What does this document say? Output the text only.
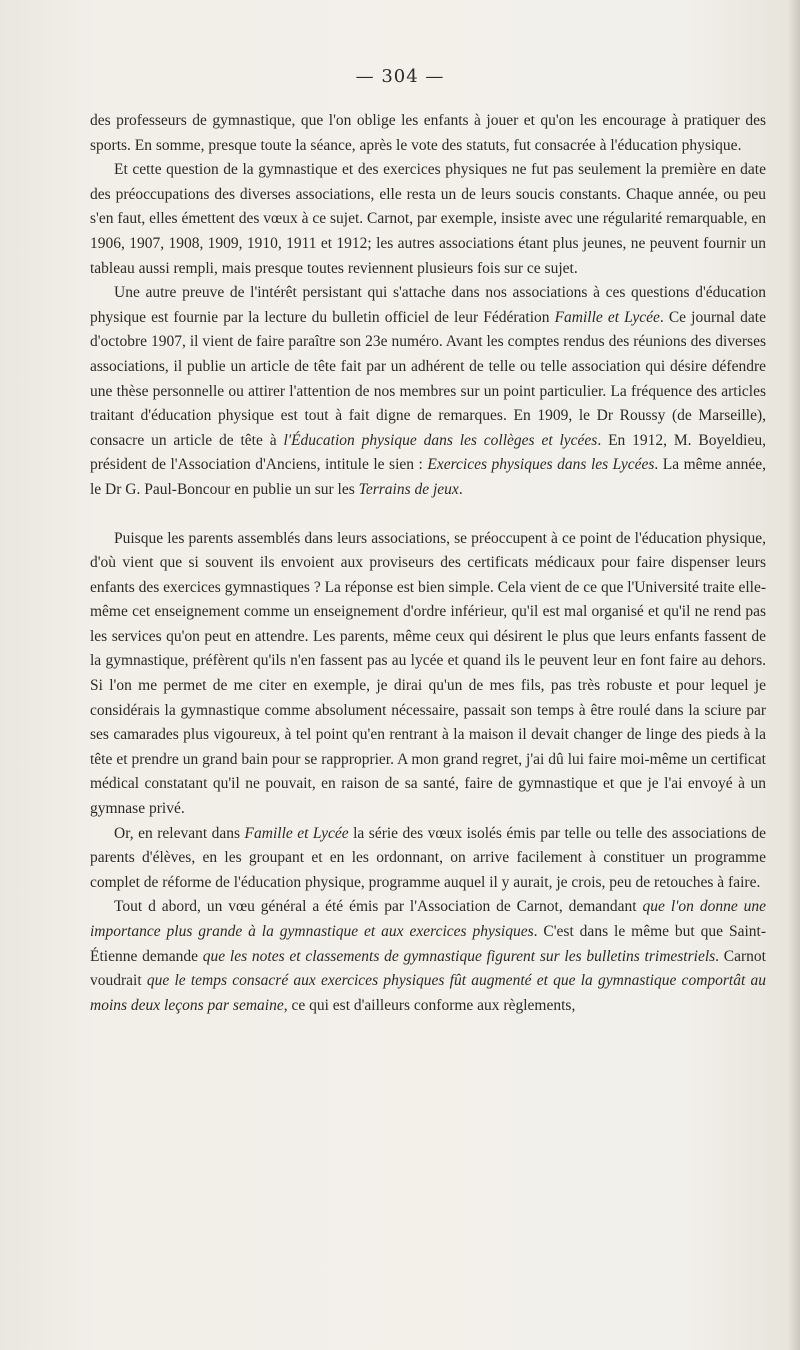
— 304 —

des professeurs de gymnastique, que l'on oblige les enfants à jouer et qu'on les encourage à pratiquer des sports. En somme, presque toute la séance, après le vote des statuts, fut consacrée à l'éducation physique.

Et cette question de la gymnastique et des exercices physiques ne fut pas seulement la première en date des préoccupations des diverses associations, elle resta un de leurs soucis constants. Chaque année, ou peu s'en faut, elles émettent des vœux à ce sujet. Carnot, par exemple, insiste avec une régularité remarquable, en 1906, 1907, 1908, 1909, 1910, 1911 et 1912; les autres associations étant plus jeunes, ne peuvent fournir un tableau aussi rempli, mais presque toutes reviennent plusieurs fois sur ce sujet.

Une autre preuve de l'intérêt persistant qui s'attache dans nos associations à ces questions d'éducation physique est fournie par la lecture du bulletin officiel de leur Fédération Famille et Lycée. Ce journal date d'octobre 1907, il vient de faire paraître son 23e numéro. Avant les comptes rendus des réunions des diverses associations, il publie un article de tête fait par un adhérent de telle ou telle association qui désire défendre une thèse personnelle ou attirer l'attention de nos membres sur un point particulier. La fréquence des articles traitant d'éducation physique est tout à fait digne de remarques. En 1909, le Dr Roussy (de Marseille), consacre un article de tête à l'Éducation physique dans les collèges et lycées. En 1912, M. Boyeldieu, président de l'Association d'Anciens, intitule le sien : Exercices physiques dans les Lycées. La même année, le Dr G. Paul-Boncour en publie un sur les Terrains de jeux.

Puisque les parents assemblés dans leurs associations, se préoccupent à ce point de l'éducation physique, d'où vient que si souvent ils envoient aux proviseurs des certificats médicaux pour faire dispenser leurs enfants des exercices gymnastiques ? La réponse est bien simple. Cela vient de ce que l'Université traite elle-même cet enseignement comme un enseignement d'ordre inférieur, qu'il est mal organisé et qu'il ne rend pas les services qu'on peut en attendre. Les parents, même ceux qui désirent le plus que leurs enfants fassent de la gymnastique, préfèrent qu'ils n'en fassent pas au lycée et quand ils le peuvent leur en font faire au dehors. Si l'on me permet de me citer en exemple, je dirai qu'un de mes fils, pas très robuste et pour lequel je considérais la gymnastique comme absolument nécessaire, passait son temps à être roulé dans la sciure par ses camarades plus vigoureux, à tel point qu'en rentrant à la maison il devait changer de linge des pieds à la tête et prendre un grand bain pour se rapproprier. A mon grand regret, j'ai dû lui faire moi-même un certificat médical constatant qu'il ne pouvait, en raison de sa santé, faire de gymnastique et que je l'ai envoyé à un gymnase privé.

Or, en relevant dans Famille et Lycée la série des vœux isolés émis par telle ou telle des associations de parents d'élèves, en les groupant et en les ordonnant, on arrive facilement à constituer un programme complet de réforme de l'éducation physique, programme auquel il y aurait, je crois, peu de retouches à faire.

Tout d abord, un vœu général a été émis par l'Association de Carnot, demandant que l'on donne une importance plus grande à la gymnastique et aux exercices physiques. C'est dans le même but que Saint-Étienne demande que les notes et classements de gymnastique figurent sur les bulletins trimestriels. Carnot voudrait que le temps consacré aux exercices physiques fût augmenté et que la gymnastique comportât au moins deux leçons par semaine, ce qui est d'ailleurs conforme aux règlements,
